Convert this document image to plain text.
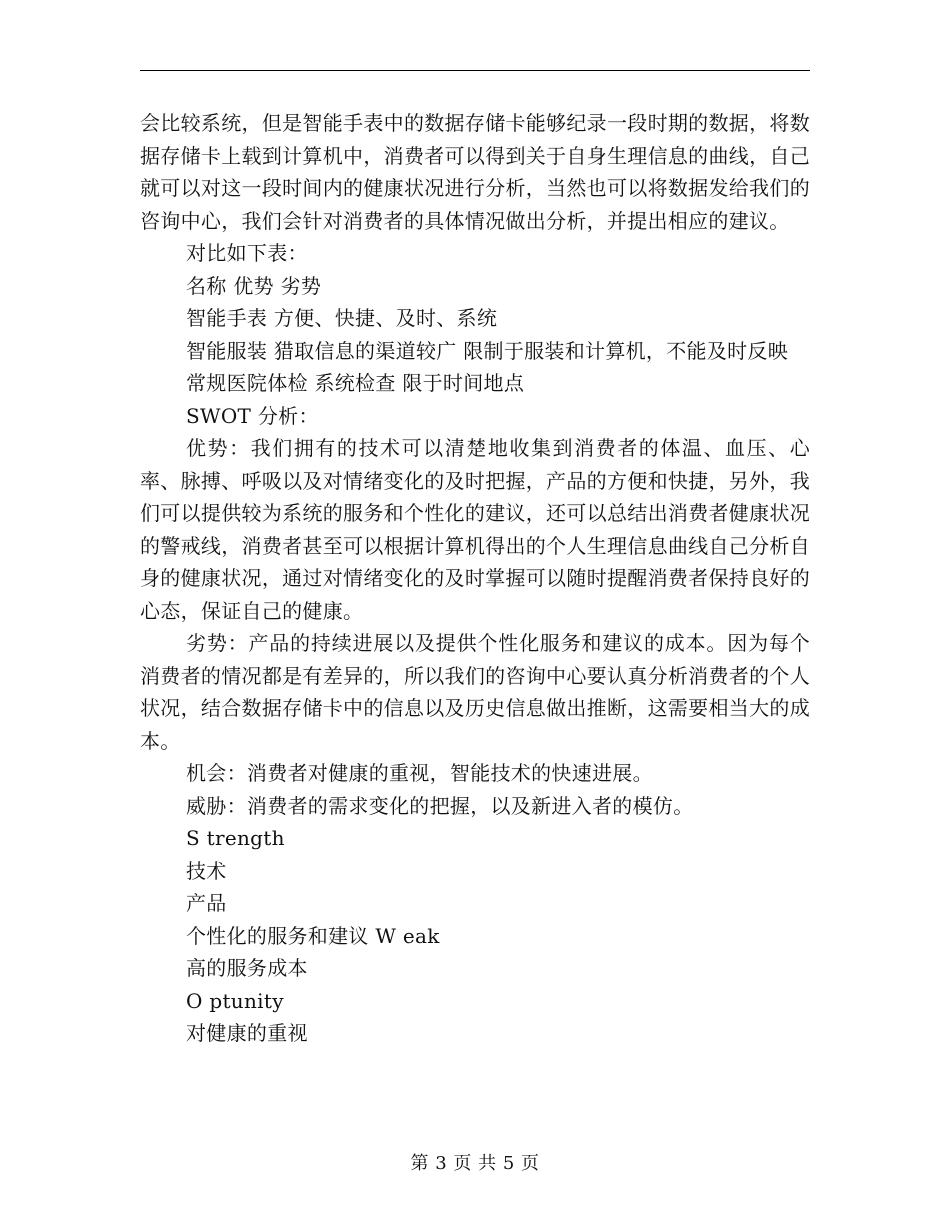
会比较系统，但是智能手表中的数据存储卡能够纪录一段时期的数据，将数据存储卡上载到计算机中，消费者可以得到关于自身生理信息的曲线，自己就可以对这一段时间内的健康状况进行分析，当然也可以将数据发给我们的咨询中心，我们会针对消费者的具体情况做出分析，并提出相应的建议。

对比如下表：

名称 优势 劣势

智能手表 方便、快捷、及时、系统

智能服装 猎取信息的渠道较广 限制于服装和计算机，不能及时反映

常规医院体检 系统检查 限于时间地点

SWOT 分析：

优势：我们拥有的技术可以清楚地收集到消费者的体温、血压、心率、脉搏、呼吸以及对情绪变化的及时把握，产品的方便和快捷，另外，我们可以提供较为系统的服务和个性化的建议，还可以总结出消费者健康状况的警戒线，消费者甚至可以根据计算机得出的个人生理信息曲线自己分析自身的健康状况，通过对情绪变化的及时掌握可以随时提醒消费者保持良好的心态，保证自己的健康。

劣势：产品的持续进展以及提供个性化服务和建议的成本。因为每个消费者的情况都是有差异的，所以我们的咨询中心要认真分析消费者的个人状况，结合数据存储卡中的信息以及历史信息做出推断，这需要相当大的成本。

机会：消费者对健康的重视，智能技术的快速进展。

威胁：消费者的需求变化的把握，以及新进入者的模仿。

S trength

技术

产品

个性化的服务和建议 W eak

高的服务成本

O ptunity

对健康的重视

第 3 页 共 5 页
